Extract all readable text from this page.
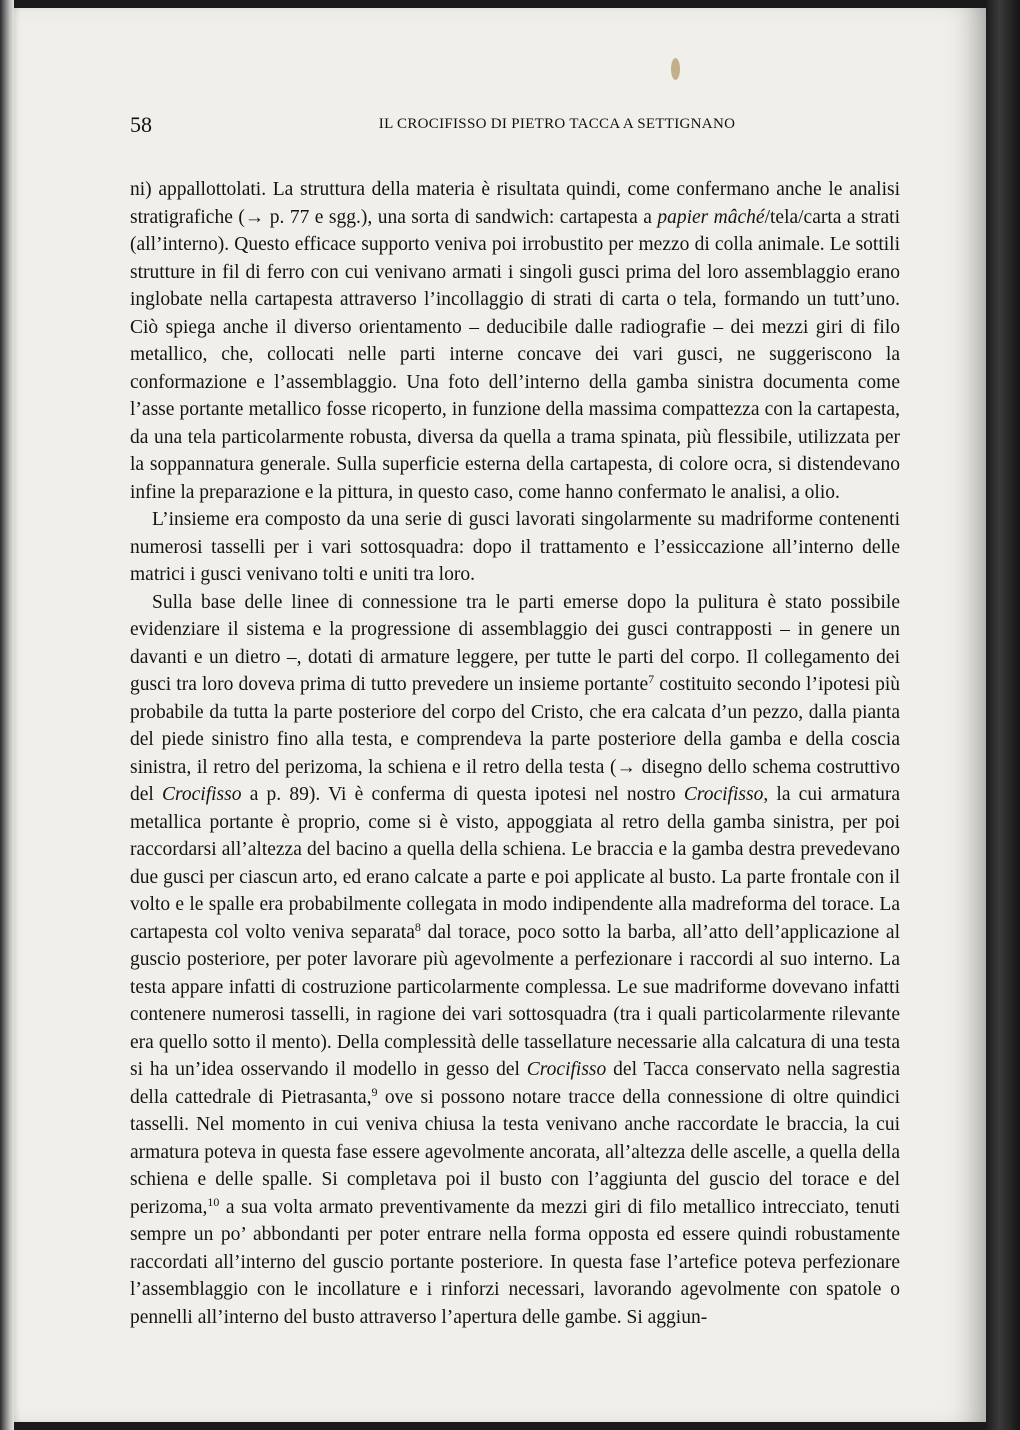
58	IL CROCIFISSO DI PIETRO TACCA A SETTIGNANO

ni) appallottolati. La struttura della materia è risultata quindi, come confermano anche le analisi stratigrafiche (→ p. 77 e sgg.), una sorta di sandwich: cartapesta a papier mâché/tela/carta a strati (all’interno). Questo efficace supporto veniva poi irrobustito per mezzo di colla animale. Le sottili strutture in fil di ferro con cui venivano armati i singoli gusci prima del loro assemblaggio erano inglobate nella cartapesta attraverso l’incollaggio di strati di carta o tela, formando un tutt’uno. Ciò spiega anche il diverso orientamento – deducibile dalle radiografie – dei mezzi giri di filo metallico, che, collocati nelle parti interne concave dei vari gusci, ne suggeriscono la conformazione e l’assemblaggio. Una foto dell’interno della gamba sinistra documenta come l’asse portante metallico fosse ricoperto, in funzione della massima compattezza con la cartapesta, da una tela particolarmente robusta, diversa da quella a trama spinata, più flessibile, utilizzata per la soppannatura generale. Sulla superficie esterna della cartapesta, di colore ocra, si distendevano infine la preparazione e la pittura, in questo caso, come hanno confermato le analisi, a olio.

L’insieme era composto da una serie di gusci lavorati singolarmente su madriforme contenenti numerosi tasselli per i vari sottosquadra: dopo il trattamento e l’essiccazione all’interno delle matrici i gusci venivano tolti e uniti tra loro.

Sulla base delle linee di connessione tra le parti emerse dopo la pulitura è stato possibile evidenziare il sistema e la progressione di assemblaggio dei gusci contrapposti – in genere un davanti e un dietro –, dotati di armature leggere, per tutte le parti del corpo. Il collegamento dei gusci tra loro doveva prima di tutto prevedere un insieme portante$^7$ costituito secondo l’ipotesi più probabile da tutta la parte posteriore del corpo del Cristo, che era calcata d’un pezzo, dalla pianta del piede sinistro fino alla testa, e comprendeva la parte posteriore della gamba e della coscia sinistra, il retro del perizoma, la schiena e il retro della testa (→ disegno dello schema costruttivo del Crocifisso a p. 89). Vi è conferma di questa ipotesi nel nostro Crocifisso, la cui armatura metallica portante è proprio, come si è visto, appoggiata al retro della gamba sinistra, per poi raccordarsi all’altezza del bacino a quella della schiena. Le braccia e la gamba destra prevedevano due gusci per ciascun arto, ed erano calcate a parte e poi applicate al busto. La parte frontale con il volto e le spalle era probabilmente collegata in modo indipendente alla madreforma del torace. La cartapesta col volto veniva separata$^8$ dal torace, poco sotto la barba, all’atto dell’applicazione al guscio posteriore, per poter lavorare più agevolmente a perfezionare i raccordi al suo interno. La testa appare infatti di costruzione particolarmente complessa. Le sue madriforme dovevano infatti contenere numerosi tasselli, in ragione dei vari sottosquadra (tra i quali particolarmente rilevante era quello sotto il mento). Della complessità delle tassellature necessarie alla calcatura di una testa si ha un’idea osservando il modello in gesso del Crocifisso del Tacca conservato nella sagrestia della cattedrale di Pietrasanta,$^9$ ove si possono notare tracce della connessione di oltre quindici tasselli. Nel momento in cui veniva chiusa la testa venivano anche raccordate le braccia, la cui armatura poteva in questa fase essere agevolmente ancorata, all’altezza delle ascelle, a quella della schiena e delle spalle. Si completava poi il busto con l’aggiunta del guscio del torace e del perizoma,$^{10}$ a sua volta armato preventivamente da mezzi giri di filo metallico intrecciato, tenuti sempre un po’ abbondanti per poter entrare nella forma opposta ed essere quindi robustamente raccordati all’interno del guscio portante posteriore. In questa fase l’artefice poteva perfezionare l’assemblaggio con le incollature e i rinforzi necessari, lavorando agevolmente con spatole o pennelli all’interno del busto attraverso l’apertura delle gambe. Si aggiun-
